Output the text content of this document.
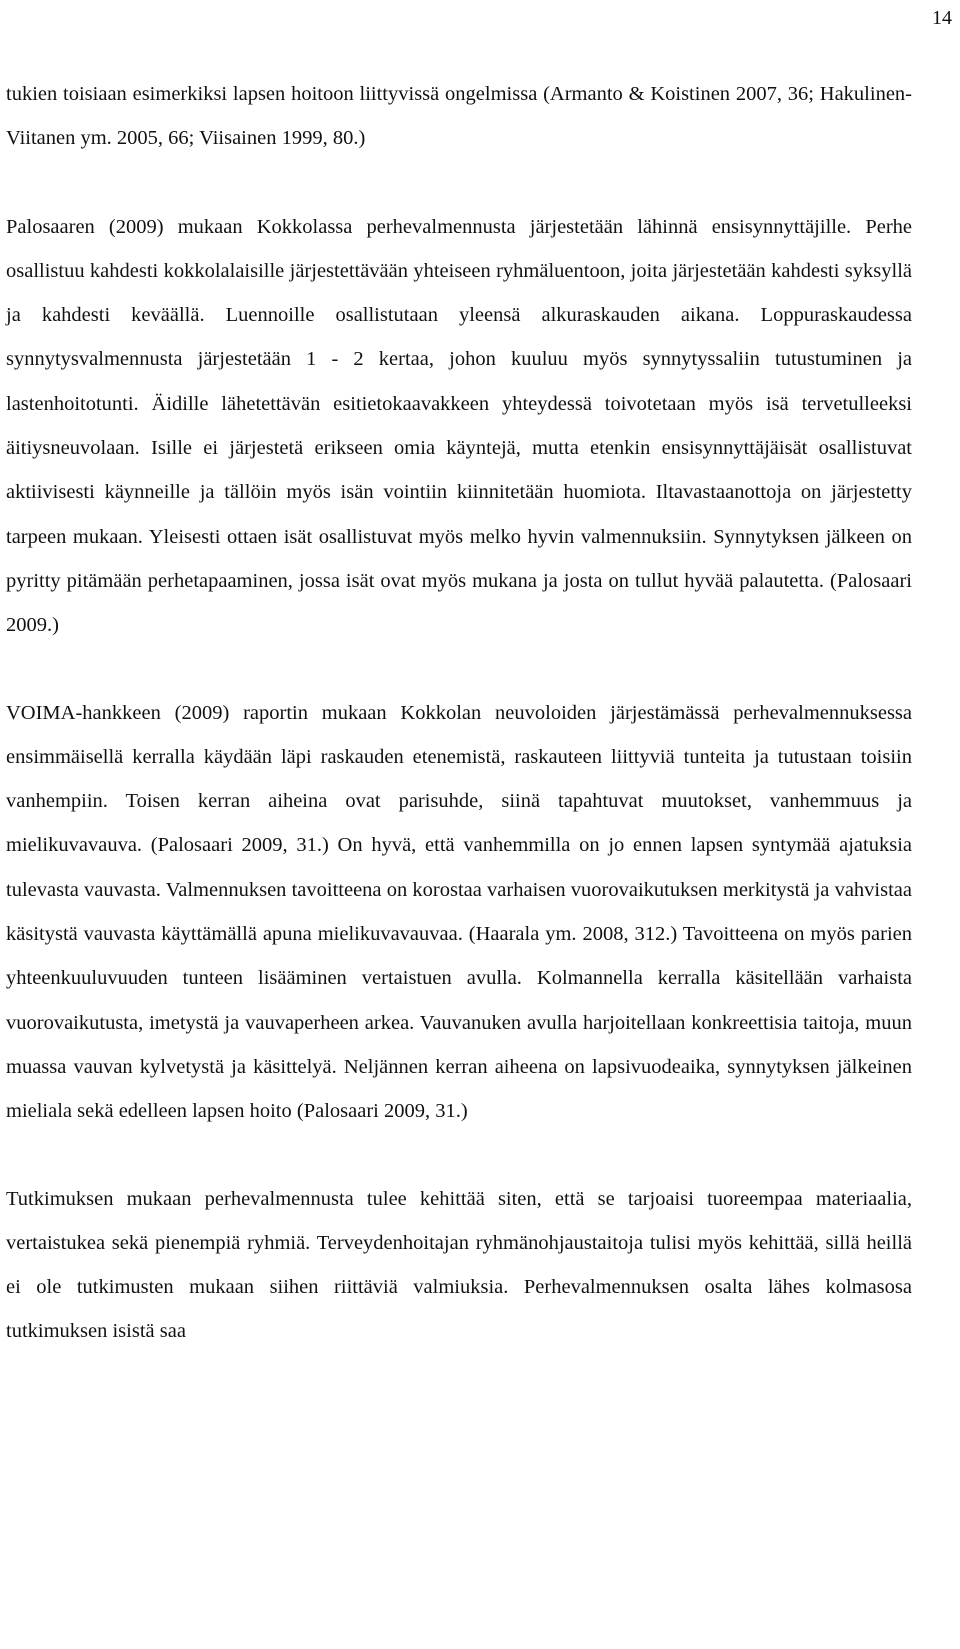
14

tukien toisiaan esimerkiksi lapsen hoitoon liittyvissä ongelmissa (Armanto & Koistinen 2007, 36; Hakulinen-Viitanen ym. 2005, 66; Viisainen 1999, 80.)

Palosaaren (2009) mukaan Kokkolassa perhevalmennusta järjestetään lähinnä ensisynnyttäjille. Perhe osallistuu kahdesti kokkolalaisille järjestettävään yhteiseen ryhmäluentoon, joita järjestetään kahdesti syksyllä ja kahdesti keväällä. Luennoille osallistutaan yleensä alkuraskauden aikana. Loppuraskaudessa synnytysvalmennusta järjestetään 1 - 2 kertaa, johon kuuluu myös synnytyssaliin tutustuminen ja lastenhoitotunti. Äidille lähetettävän esitietokaavakkeen yhteydessä toivotetaan myös isä tervetulleeksi äitiysneuvolaan. Isille ei järjestetä erikseen omia käyntejä, mutta etenkin ensisynnyttäjäisät osallistuvat aktiivisesti käynneille ja tällöin myös isän vointiin kiinnitetään huomiota. Iltavastaanottoja on järjestetty tarpeen mukaan. Yleisesti ottaen isät osallistuvat myös melko hyvin valmennuksiin. Synnytyksen jälkeen on pyritty pitämään perhetapaaminen, jossa isät ovat myös mukana ja josta on tullut hyvää palautetta. (Palosaari 2009.)

VOIMA-hankkeen (2009) raportin mukaan Kokkolan neuvoloiden järjestämässä perhevalmennuksessa ensimmäisellä kerralla käydään läpi raskauden etenemistä, raskauteen liittyviä tunteita ja tutustaan toisiin vanhempiin. Toisen kerran aiheina ovat parisuhde, siinä tapahtuvat muutokset, vanhemmuus ja mielikuvavauva. (Palosaari 2009, 31.) On hyvä, että vanhemmilla on jo ennen lapsen syntymää ajatuksia tulevasta vauvasta. Valmennuksen tavoitteena on korostaa varhaisen vuorovaikutuksen merkitystä ja vahvistaa käsitystä vauvasta käyttämällä apuna mielikuvavauvaa. (Haarala ym. 2008, 312.) Tavoitteena on myös parien yhteenkuuluvuuden tunteen lisääminen vertaistuen avulla. Kolmannella kerralla käsitellään varhaista vuorovaikutusta, imetystä ja vauvaperheen arkea. Vauvanuken avulla harjoitellaan konkreettisia taitoja, muun muassa vauvan kylvetystä ja käsittelyä. Neljännen kerran aiheena on lapsivuodeaika, synnytyksen jälkeinen mieliala sekä edelleen lapsen hoito (Palosaari 2009, 31.)

Tutkimuksen mukaan perhevalmennusta tulee kehittää siten, että se tarjoaisi tuoreempaa materiaalia, vertaistukea sekä pienempiä ryhmiä. Terveydenhoitajan ryhmänohjaustaitoja tulisi myös kehittää, sillä heillä ei ole tutkimusten mukaan siihen riittäviä valmiuksia. Perhevalmennuksen osalta lähes kolmasosa tutkimuksen isistä saa
